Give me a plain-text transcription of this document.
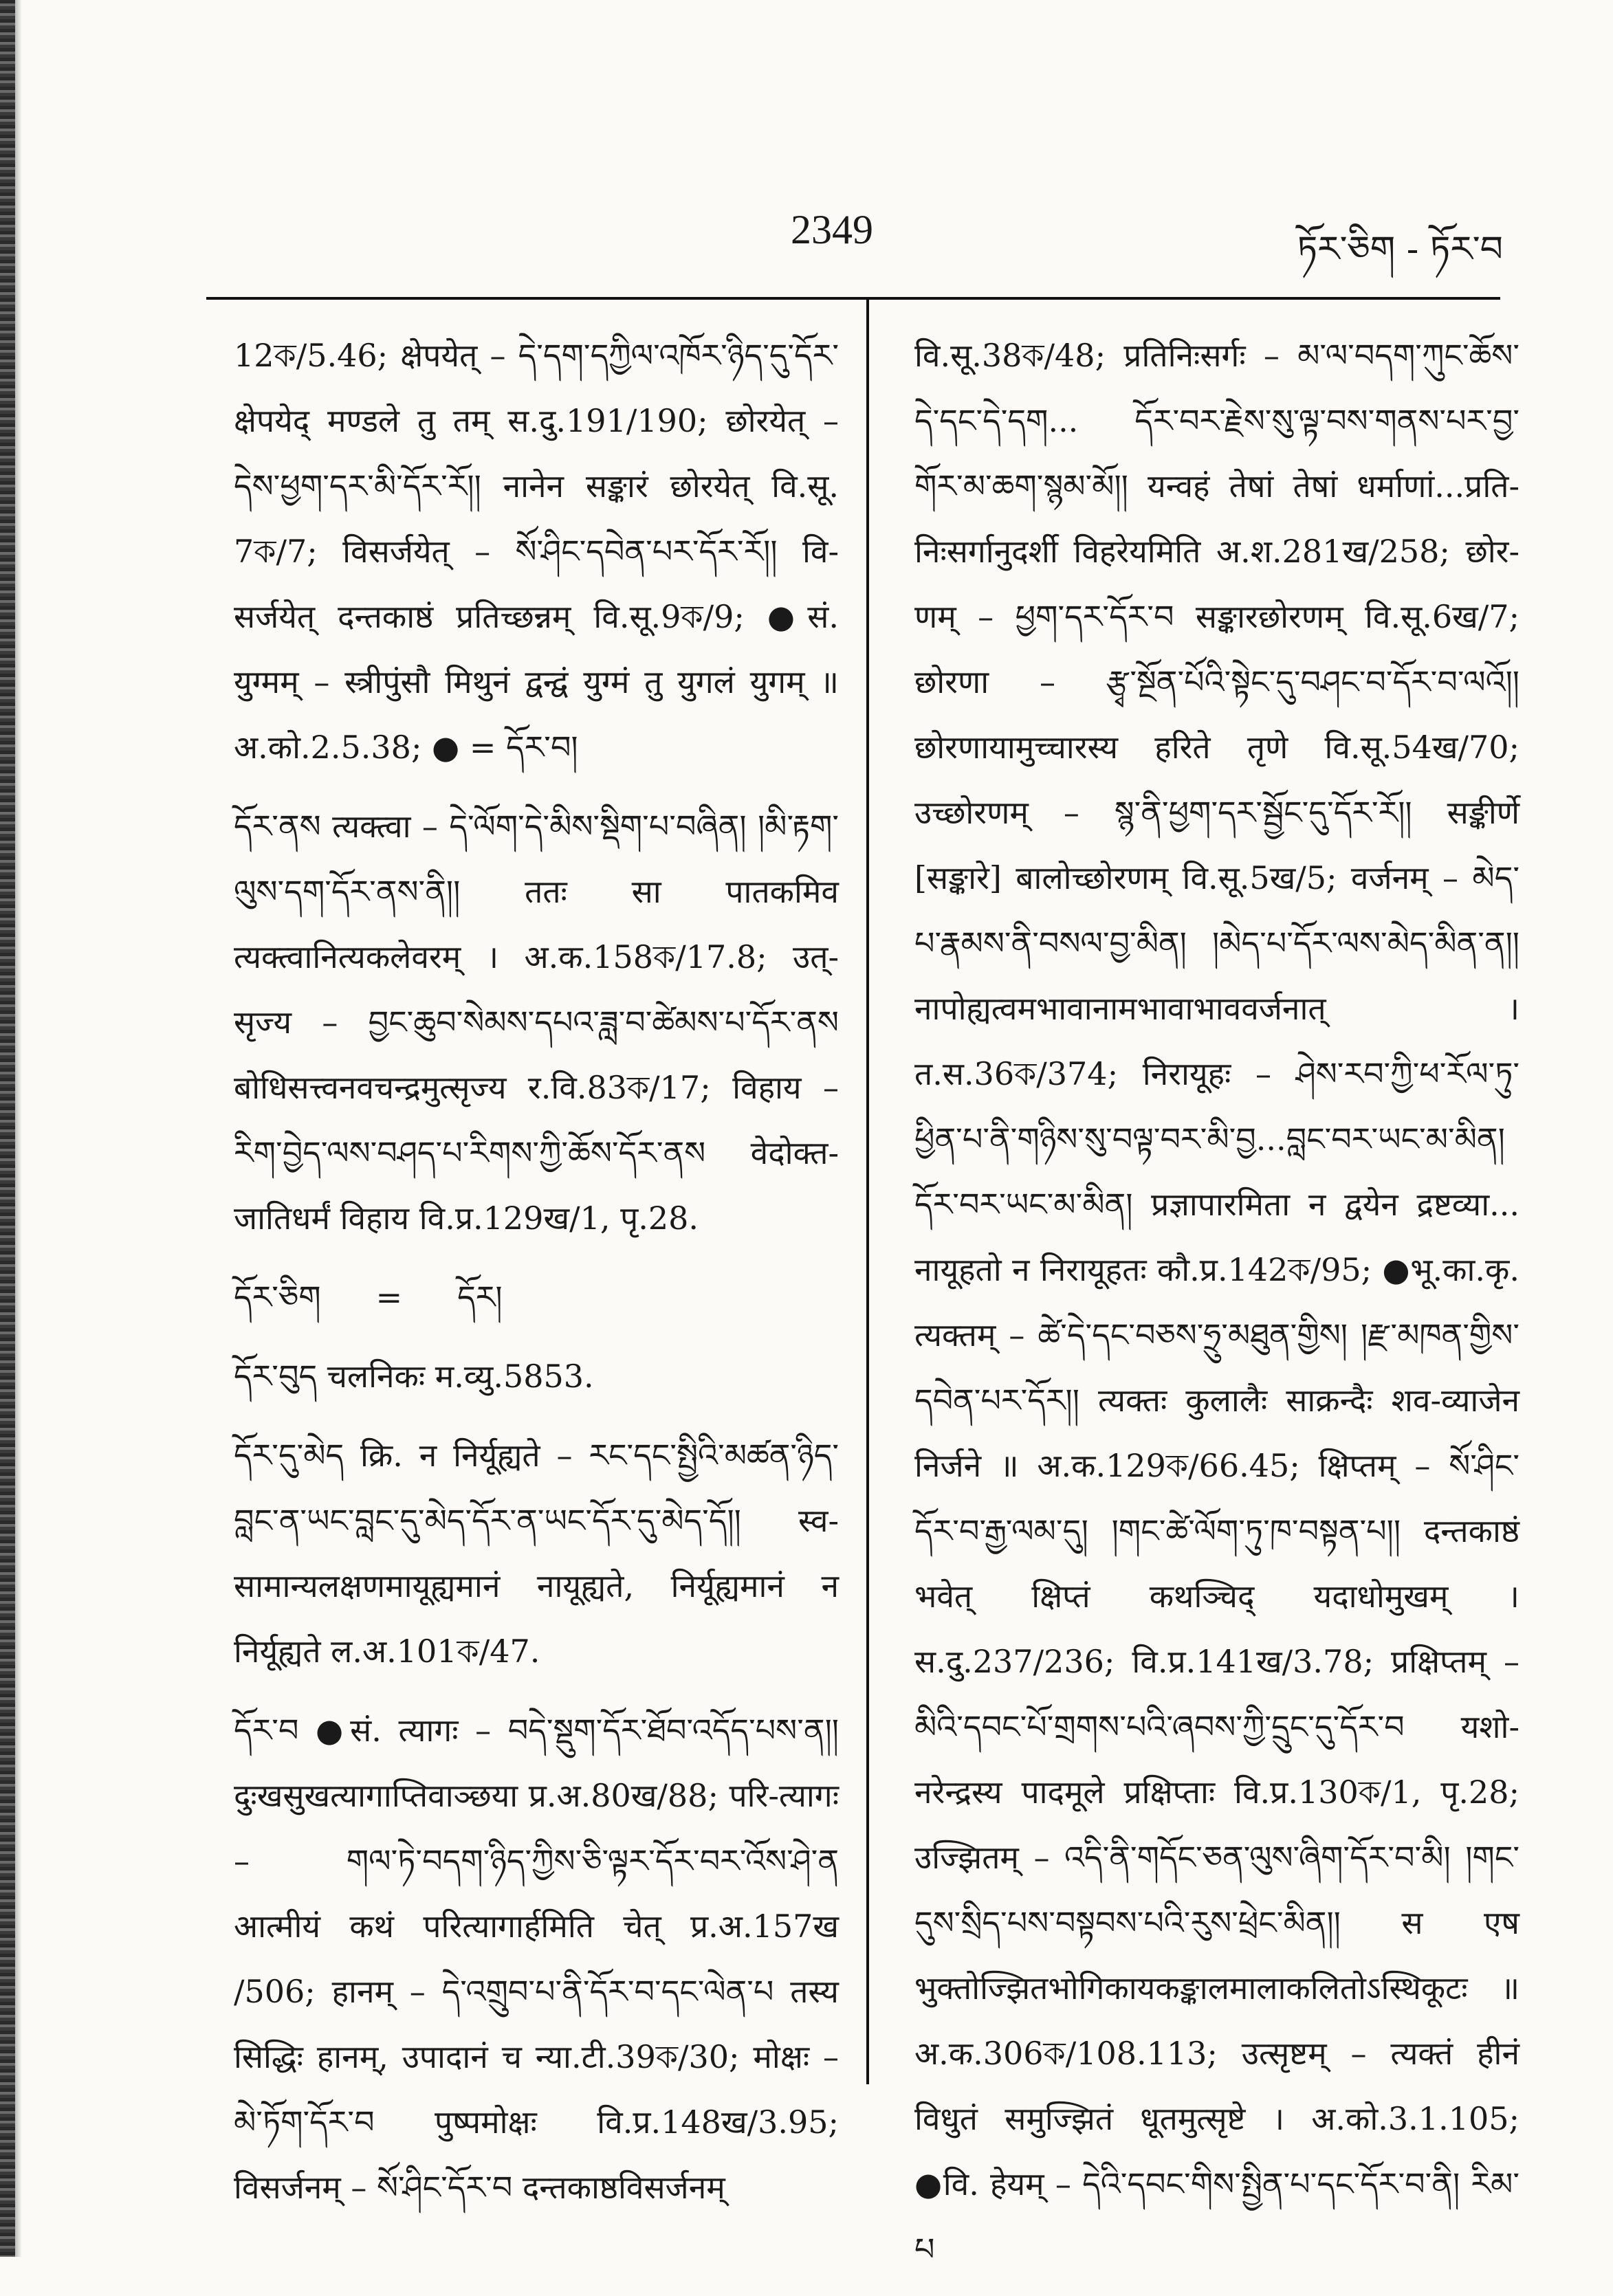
2349	ཏོར་ཅིག - ཏོར་བ

12ক/5.46; क्षेपयेत् – དེ་དག་དཀྱིལ་འཁོར་ཉིད་དུ་དོར་ क्षेपयेद् मण्डले तु तम् स.दु.191/190; छोरयेत् – དེས་ཕྱག་དར་མི་དོར་རོ།། नानेन सङ्कारं छोरयेत् वि.सू. 7ক/7; विसर्जयेत् – སོ་ཤིང་དབེན་པར་དོར་རོ།། वि-सर्जयेत् दन्तकाष्ठं प्रतिच्छन्नम् वि.सू.9ক/9; ●सं. युग्मम् – स्त्रीपुंसौ मिथुनं द्वन्द्वं युग्मं तु युगलं युगम् ॥ अ.को.2.5.38; ● = དོར་བ།

དོར་ནས त्यक्त्वा – དེ་ལོག་དེ་མིས་སྡིག་པ་བཞིན། །མི་རྟག་ལུས་དག་དོར་ནས་ནི།། ततः सा पातकमिव त्यक्त्वानित्यकलेवरम् । अ.क.158ক/17.8; उत्-सृज्य – བྱང་ཆུབ་སེམས་དཔའ་ཟླ་བ་ཚེམས་པ་དོར་ནས बोधिसत्त्वनवचन्द्रमुत्सृज्य र.वि.83ক/17; विहाय – རིག་བྱེད་ལས་བཤད་པ་རིགས་ཀྱི་ཆོས་དོར་ནས वेदोक्त-जातिधर्मं विहाय वि.प्र.129ख/1, पृ.28.

དོར་ཅིག = དོར།

དོར་བུད चलनिकः म.व्यु.5853.

དོར་དུ་མེད क्रि. न निर्यूह्यते – རང་དང་སྤྱིའི་མཚན་ཉིད་བླང་ན་ཡང་བླང་དུ་མེད་དོར་ན་ཡང་དོར་དུ་མེད་དོ།། स्व-सामान्यलक्षणमायूह्यमानं नायूह्यते, निर्यूह्यमानं न निर्यूह्यते ल.अ.101ক/47.

དོར་བ ●सं. त्यागः – བདེ་སྡུག་དོར་ཐོབ་འདོད་པས་ན།། दुःखसुखत्यागाप्तिवाञ्छया प्र.अ.80ख/88; परि-त्यागः – གལ་ཏེ་བདག་ཉིད་ཀྱིས་ཅི་ལྟར་དོར་བར་འོས་ཤེ་ན आत्मीयं कथं परित्यागार्हमिति चेत् प्र.अ.157ख /506; हानम् – དེ་འགྲུབ་པ་ནི་དོར་བ་དང་ལེན་པ तस्य सिद्धिः हानम्, उपादानं च न्या.टी.39ক/30; मोक्षः – མེ་ཏོག་དོར་བ पुष्पमोक्षः वि.प्र.148ख/3.95; विसर्जनम् – སོ་ཤིང་དོར་བ दन्तकाष्ठविसर्जनम्

वि.सू.38ক/48; प्रतिनिःसर्गः – མ་ལ་བདག་ཀུང་ཆོས་དེ་དང་དེ་དག... དོར་བར་རྗེས་སུ་ལྟ་བས་གནས་པར་བྱ་གོར་མ་ཆག་སྙམ་མོ།། यन्वहं तेषां तेषां धर्माणां...प्रति-निःसर्गानुदर्शी विहरेयमिति अ.श.281ख/258; छोर-णम् – ཕྱག་དར་དོར་བ सङ्कारछोरणम् वि.सू.6ख/7; छोरणा – རྩྭ་སྔོན་པོའི་སྟེང་དུ་བཤང་བ་དོར་བ་ལའོ།། छोरणायामुच्चारस्य हरिते तृणे वि.सू.54ख/70; उच्छोरणम् – སྙ་ནི་ཕྱག་དར་སྦྱོང་དུ་དོར་རོ།། सङ्कीर्णे [सङ्कारे] बालोच्छोरणम् वि.सू.5ख/5; वर्जनम् – མེད་པ་རྣམས་ནི་བསལ་བྱ་མིན། །མེད་པ་དོར་ལས་མེད་མིན་ན།། नापोह्यत्वमभावानामभावाभाववर्जनात् । त.स.36ক/374; निरायूहः – ཤེས་རབ་ཀྱི་ཕ་རོལ་ཏུ་ཕྱིན་པ་ནི་གཉིས་སུ་བལྟ་བར་མི་བྱ...བླང་བར་ཡང་མ་མིན། དོར་བར་ཡང་མ་མིན། प्रज्ञापारमिता न द्वयेन द्रष्टव्या... नायूहतो न निरायूहतः कौ.प्र.142ক/95; ●भू.का.कृ. त्यक्तम् – ཚེ་དེ་དང་བཅས་ཧྲུ་མཐུན་གྱིས། །རྫ་མཁན་གྱིས་དབེན་པར་དོར།། त्यक्तः कुलालैः साक्रन्दैः शव-व्याजेन निर्जने ॥ अ.क.129ক/66.45; क्षिप्तम् – སོ་ཤིང་དོར་བ་རྒྱ་ལམ་དུ། །གང་ཚེ་ལོག་ཏུ་ཁ་བསྟན་པ།། दन्तकाष्ठं भवेत् क्षिप्तं कथञ्चिद् यदाधोमुखम् । स.दु.237/236; वि.प्र.141ख/3.78; प्रक्षिप्तम् – མིའི་དབང་པོ་གྲགས་པའི་ཞབས་ཀྱི་དྲུང་དུ་དོར་བ यशो-नरेन्द्रस्य पादमूले प्रक्षिप्ताः वि.प्र.130ক/1, पृ.28; उज्झितम् – འདི་ནི་གདོང་ཅན་ལུས་ཞིག་དོར་བ་མི། །གང་དུས་སྲིད་པས་བསྟབས་པའི་རུས་ཕྲེང་མིན།། स एष भुक्तोज्झितभोगिकायकङ्कालमालाकलितोऽस्थिकूटः ॥ अ.क.306ক/108.113; उत्सृष्टम् – त्यक्तं हीनं विधुतं समुज्झितं धूतमुत्सृष्टे । अ.को.3.1.105; ●वि. हेयम् – དེའི་དབང་གིས་སྤྱིན་པ་དང་དོར་བ་ནི། རིམ་པ
